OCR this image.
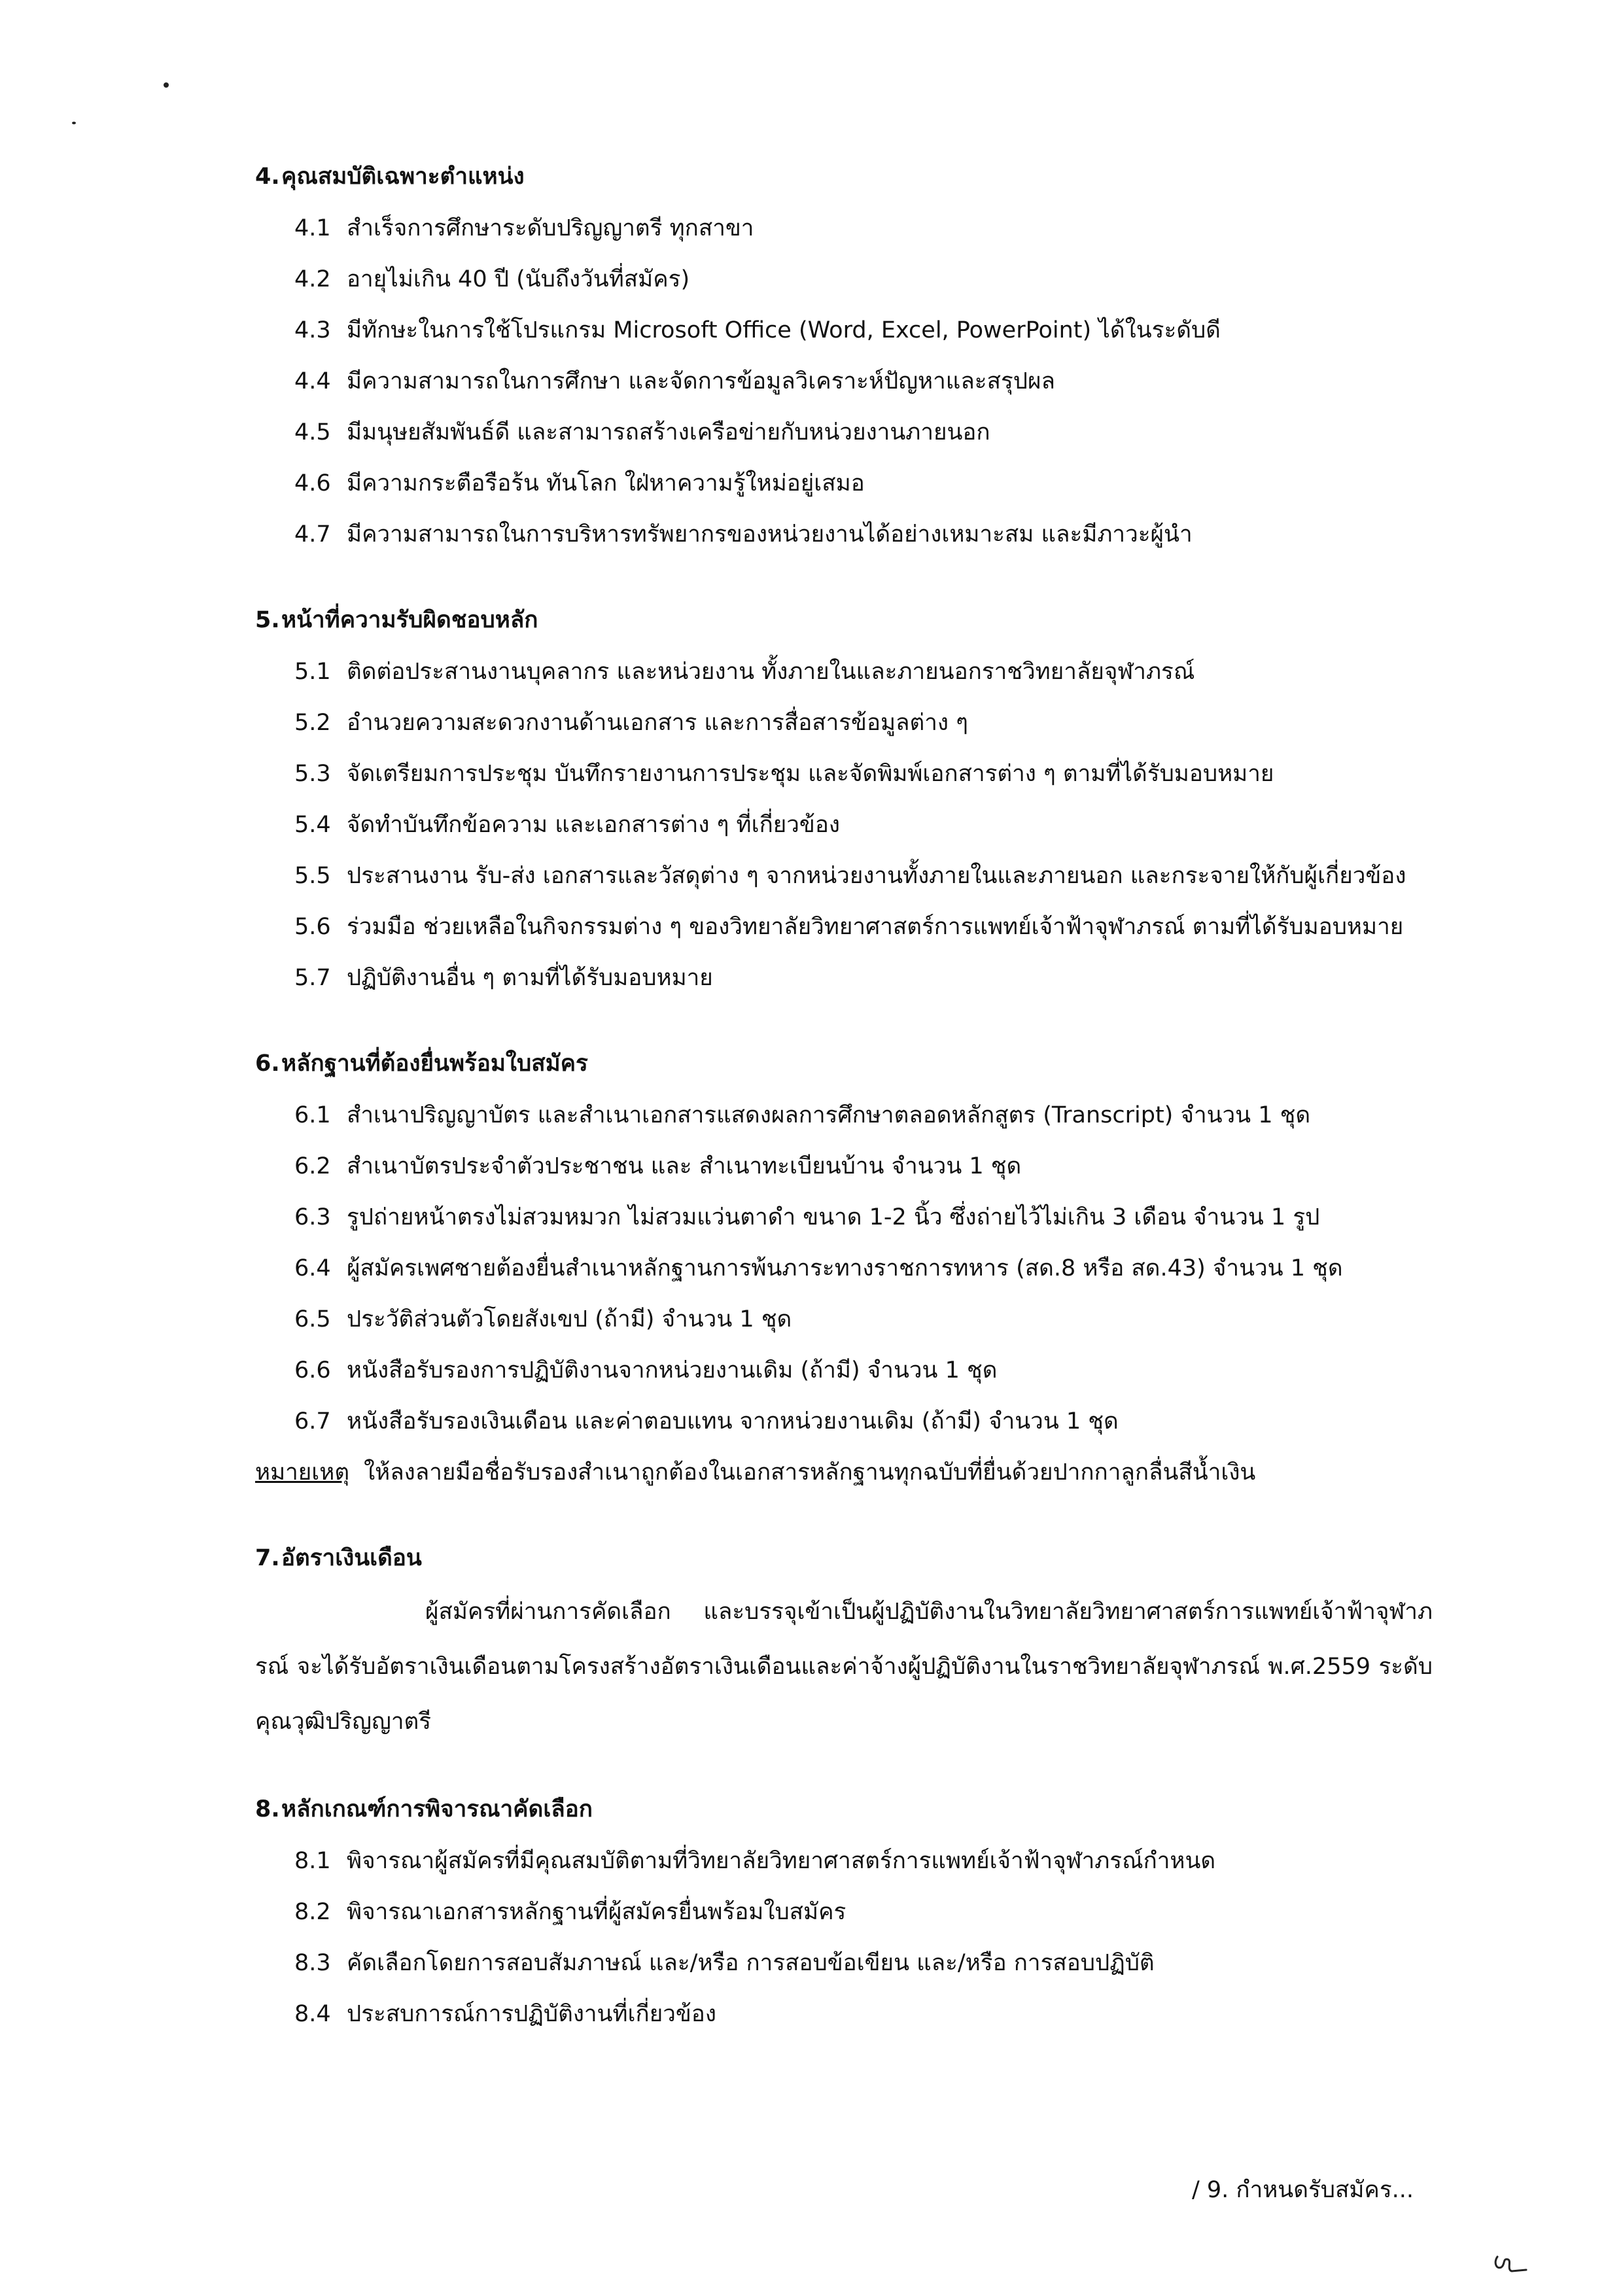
4.คุณสมบัติเฉพาะตำแหน่ง
4.1 สำเร็จการศึกษาระดับปริญญาตรี ทุกสาขา
4.2 อายุไม่เกิน 40 ปี (นับถึงวันที่สมัคร)
4.3 มีทักษะในการใช้โปรแกรม Microsoft Office (Word, Excel, PowerPoint) ได้ในระดับดี
4.4 มีความสามารถในการศึกษา และจัดการข้อมูลวิเคราะห์ปัญหาและสรุปผล
4.5 มีมนุษยสัมพันธ์ดี และสามารถสร้างเครือข่ายกับหน่วยงานภายนอก
4.6 มีความกระตือรือร้น ทันโลก ใฝ่หาความรู้ใหม่อยู่เสมอ
4.7 มีความสามารถในการบริหารทรัพยากรของหน่วยงานได้อย่างเหมาะสม และมีภาวะผู้นำ
5.หน้าที่ความรับผิดชอบหลัก
5.1 ติดต่อประสานงานบุคลากร และหน่วยงาน ทั้งภายในและภายนอกราชวิทยาลัยจุฬาภรณ์
5.2 อำนวยความสะดวกงานด้านเอกสาร และการสื่อสารข้อมูลต่าง ๆ
5.3 จัดเตรียมการประชุม บันทึกรายงานการประชุม และจัดพิมพ์เอกสารต่าง ๆ ตามที่ได้รับมอบหมาย
5.4 จัดทำบันทึกข้อความ และเอกสารต่าง ๆ ที่เกี่ยวข้อง
5.5 ประสานงาน รับ-ส่ง เอกสารและวัสดุต่าง ๆ จากหน่วยงานทั้งภายในและภายนอก และกระจายให้กับผู้เกี่ยวข้อง
5.6 ร่วมมือ ช่วยเหลือในกิจกรรมต่าง ๆ ของวิทยาลัยวิทยาศาสตร์การแพทย์เจ้าฟ้าจุฬาภรณ์ ตามที่ได้รับมอบหมาย
5.7 ปฏิบัติงานอื่น ๆ ตามที่ได้รับมอบหมาย
6.หลักฐานที่ต้องยื่นพร้อมใบสมัคร
6.1 สำเนาปริญญาบัตร และสำเนาเอกสารแสดงผลการศึกษาตลอดหลักสูตร (Transcript) จำนวน 1 ชุด
6.2 สำเนาบัตรประจำตัวประชาชน และ สำเนาทะเบียนบ้าน จำนวน 1 ชุด
6.3 รูปถ่ายหน้าตรงไม่สวมหมวก ไม่สวมแว่นตาดำ ขนาด 1-2 นิ้ว ซึ่งถ่ายไว้ไม่เกิน 3 เดือน จำนวน 1 รูป
6.4 ผู้สมัครเพศชายต้องยื่นสำเนาหลักฐานการพ้นภาระทางราชการทหาร (สด.8 หรือ สด.43) จำนวน 1 ชุด
6.5 ประวัติส่วนตัวโดยสังเขป (ถ้ามี) จำนวน 1 ชุด
6.6 หนังสือรับรองการปฏิบัติงานจากหน่วยงานเดิม (ถ้ามี) จำนวน 1 ชุด
6.7 หนังสือรับรองเงินเดือน และค่าตอบแทน จากหน่วยงานเดิม (ถ้ามี) จำนวน 1 ชุด
หมายเหตุ ให้ลงลายมือชื่อรับรองสำเนาถูกต้องในเอกสารหลักฐานทุกฉบับที่ยื่นด้วยปากกาลูกลื่นสีน้ำเงิน
7.อัตราเงินเดือน
ผู้สมัครที่ผ่านการคัดเลือก และบรรจุเข้าเป็นผู้ปฏิบัติงานในวิทยาลัยวิทยาศาสตร์การแพทย์เจ้าฟ้าจุฬาภรณ์ จะได้รับอัตราเงินเดือนตามโครงสร้างอัตราเงินเดือนและค่าจ้างผู้ปฏิบัติงานในราชวิทยาลัยจุฬาภรณ์ พ.ศ.2559 ระดับคุณวุฒิปริญญาตรี
8.หลักเกณฑ์การพิจารณาคัดเลือก
8.1 พิจารณาผู้สมัครที่มีคุณสมบัติตามที่วิทยาลัยวิทยาศาสตร์การแพทย์เจ้าฟ้าจุฬาภรณ์กำหนด
8.2 พิจารณาเอกสารหลักฐานที่ผู้สมัครยื่นพร้อมใบสมัคร
8.3 คัดเลือกโดยการสอบสัมภาษณ์ และ/หรือ การสอบข้อเขียน และ/หรือ การสอบปฏิบัติ
8.4 ประสบการณ์การปฏิบัติงานที่เกี่ยวข้อง
/ 9. กำหนดรับสมัคร...
